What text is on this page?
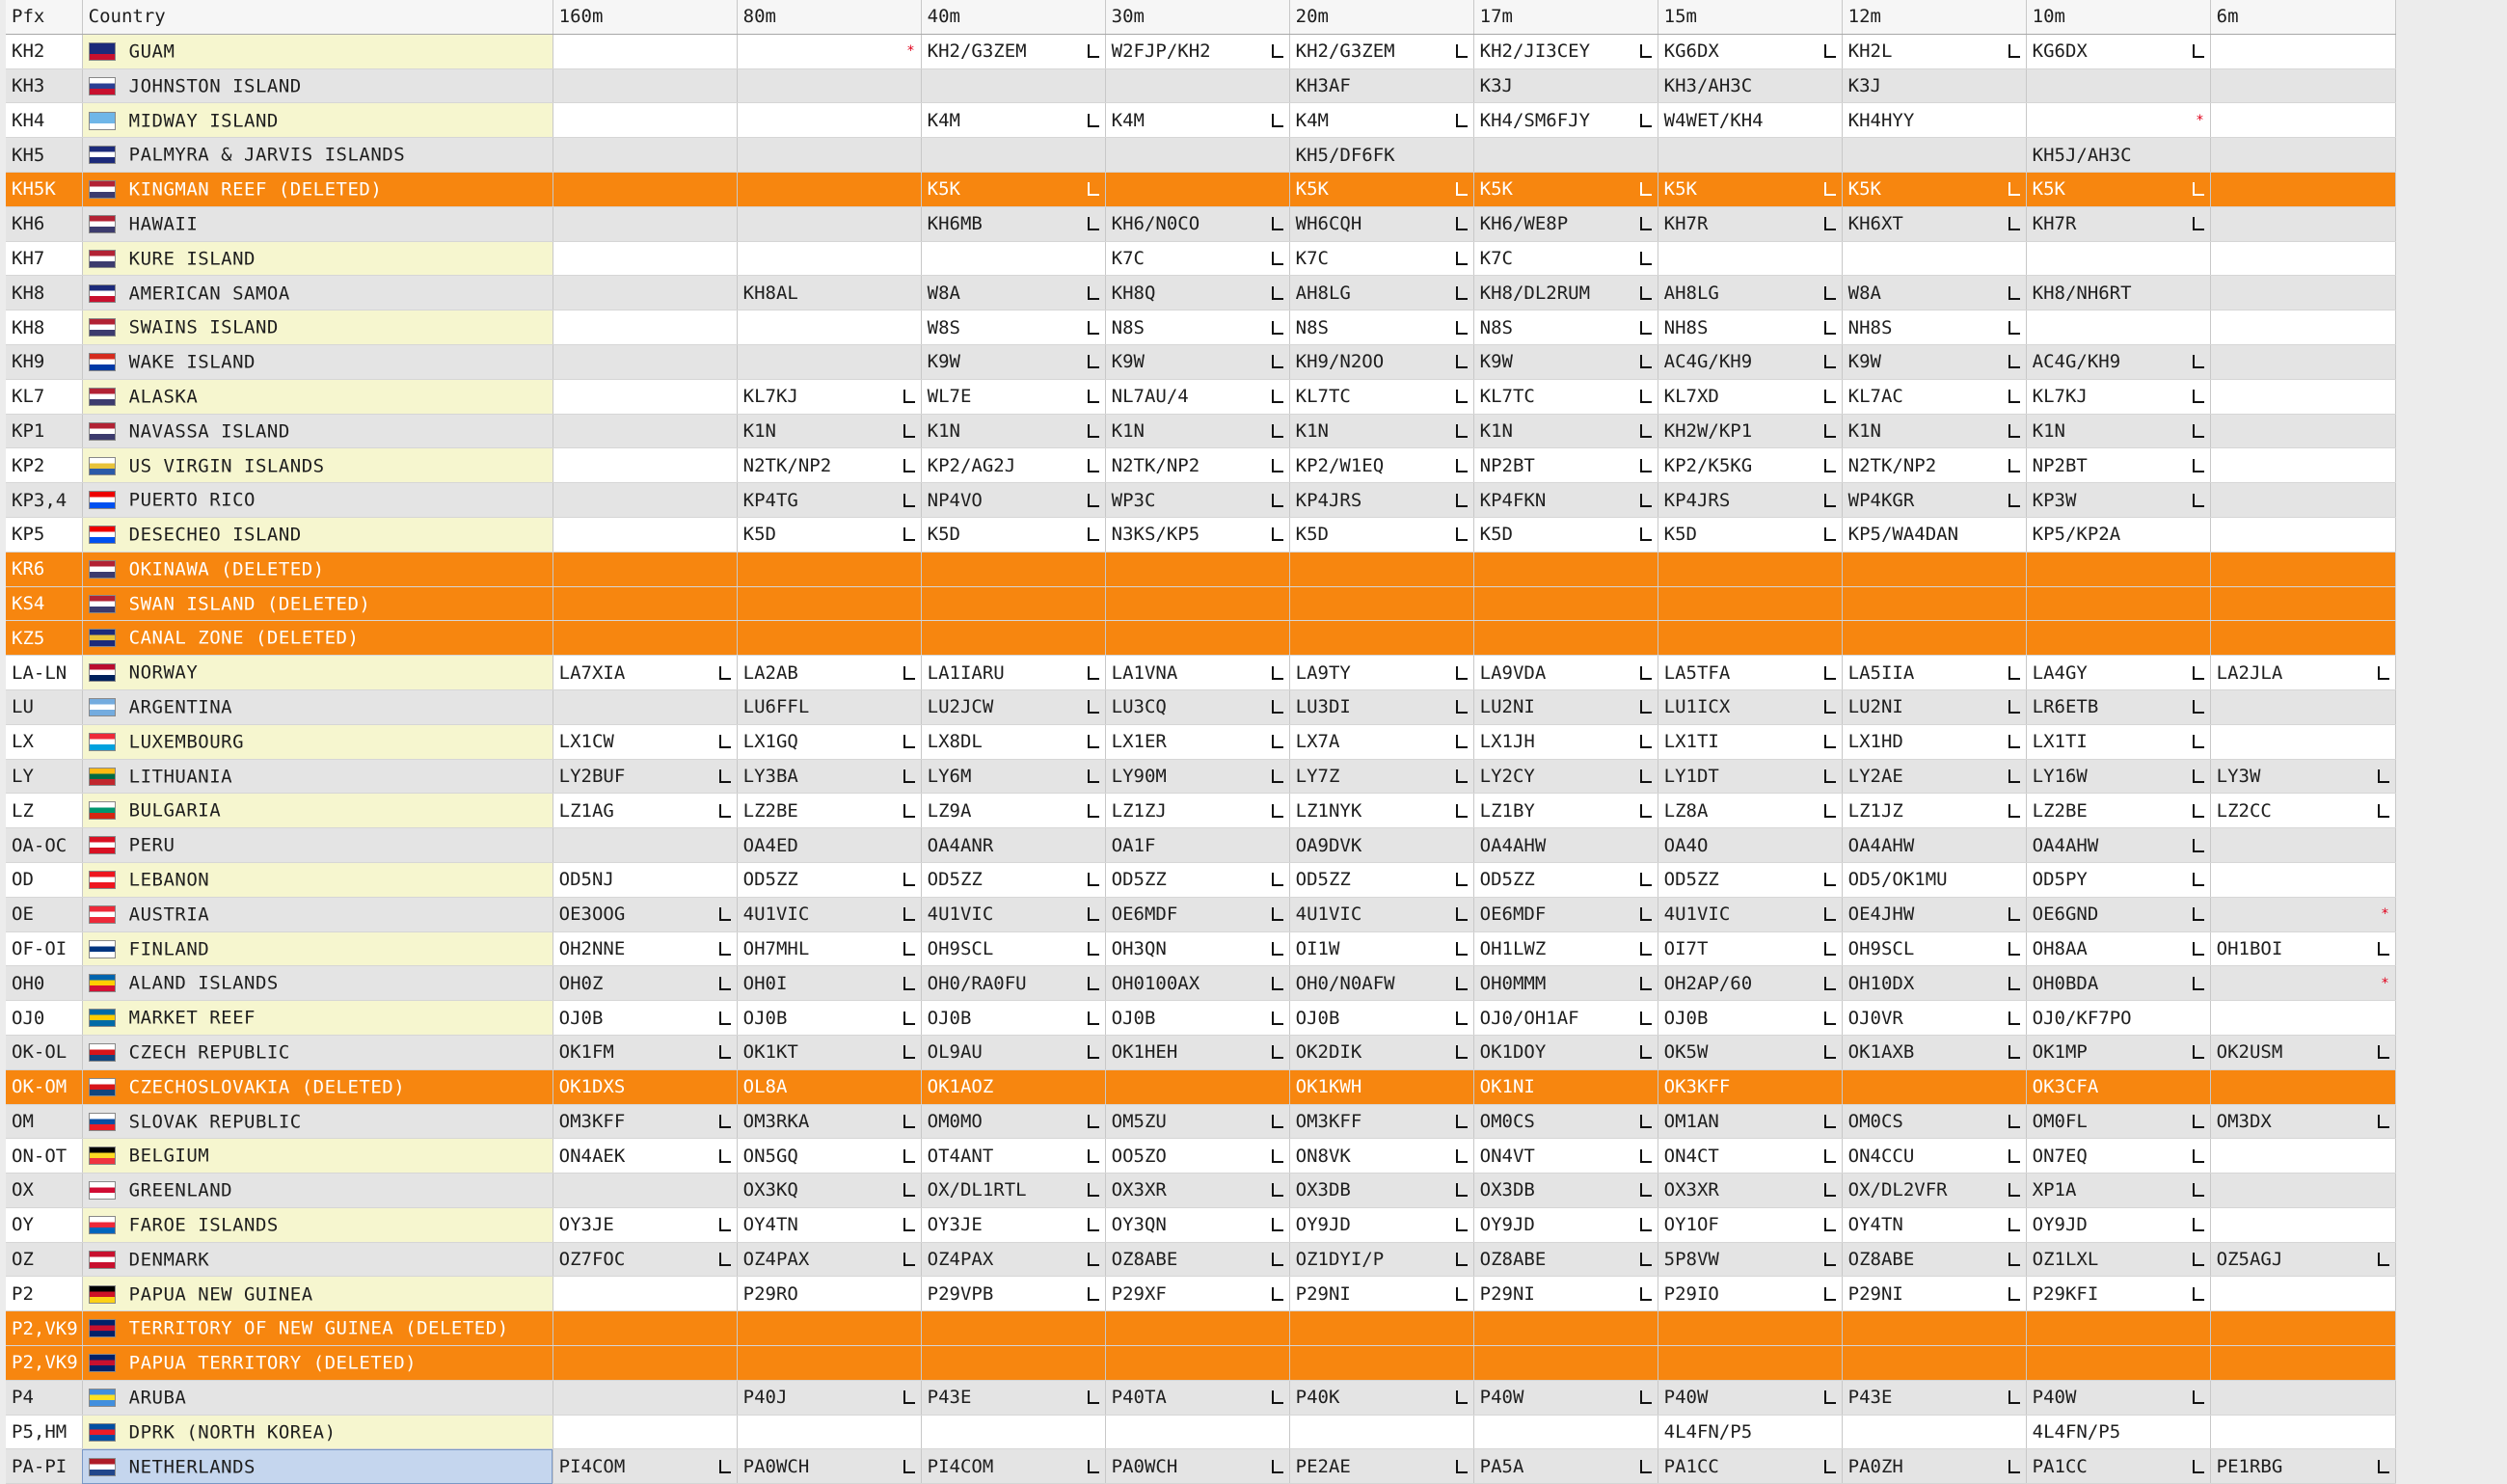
Pfx	Country	160m	80m	40m	30m	20m	17m	15m	12m	10m	6m
KH2	GUAM		*	KH2/G3ZEM	W2FJP/KH2	KH2/G3ZEM	KH2/JI3CEY	KG6DX	KH2L	KG6DX	

KH3	JOHNSTON ISLAND					KH3AF	K3J	KH3/AH3C	K3J		

KH4	MIDWAY ISLAND			K4M	K4M	K4M	KH4/SM6FJY	W4WET/KH4	KH4HYY	*	

KH5	PALMYRA & JARVIS ISLANDS					KH5/DF6FK				KH5J/AH3C	

KH5K	KINGMAN REEF (DELETED)			K5K		K5K	K5K	K5K	K5K	K5K	

KH6	HAWAII			KH6MB	KH6/N0CO	WH6CQH	KH6/WE8P	KH7R	KH6XT	KH7R	

KH7	KURE ISLAND				K7C	K7C	K7C				

KH8	AMERICAN SAMOA		KH8AL	W8A	KH8Q	AH8LG	KH8/DL2RUM	AH8LG	W8A	KH8/NH6RT	

KH8	SWAINS ISLAND			W8S	N8S	N8S	N8S	NH8S	NH8S		

KH9	WAKE ISLAND			K9W	K9W	KH9/N2OO	K9W	AC4G/KH9	K9W	AC4G/KH9	

KL7	ALASKA		KL7KJ	WL7E	NL7AU/4	KL7TC	KL7TC	KL7XD	KL7AC	KL7KJ	

KP1	NAVASSA ISLAND		K1N	K1N	K1N	K1N	K1N	KH2W/KP1	K1N	K1N	

KP2	US VIRGIN ISLANDS		N2TK/NP2	KP2/AG2J	N2TK/NP2	KP2/W1EQ	NP2BT	KP2/K5KG	N2TK/NP2	NP2BT	

KP3,4	PUERTO RICO		KP4TG	NP4VO	WP3C	KP4JRS	KP4FKN	KP4JRS	WP4KGR	KP3W	

KP5	DESECHEO ISLAND		K5D	K5D	N3KS/KP5	K5D	K5D	K5D	KP5/WA4DAN	KP5/KP2A	

KR6	OKINAWA (DELETED)	

KS4	SWAN ISLAND (DELETED)	

KZ5	CANAL ZONE (DELETED)	

LA-LN	NORWAY	LA7XIA	LA2AB	LA1IARU	LA1VNA	LA9TY	LA9VDA	LA5TFA	LA5IIA	LA4GY	LA2JLA

LU	ARGENTINA		LU6FFL	LU2JCW	LU3CQ	LU3DI	LU2NI	LU1ICX	LU2NI	LR6ETB	

LX	LUXEMBOURG	LX1CW	LX1GQ	LX8DL	LX1ER	LX7A	LX1JH	LX1TI	LX1HD	LX1TI	

LY	LITHUANIA	LY2BUF	LY3BA	LY6M	LY90M	LY7Z	LY2CY	LY1DT	LY2AE	LY16W	LY3W

LZ	BULGARIA	LZ1AG	LZ2BE	LZ9A	LZ1ZJ	LZ1NYK	LZ1BY	LZ8A	LZ1JZ	LZ2BE	LZ2CC

OA-OC	PERU		OA4ED	OA4ANR	OA1F	OA9DVK	OA4AHW	OA4O	OA4AHW	OA4AHW	

OD	LEBANON	OD5NJ	OD5ZZ	OD5ZZ	OD5ZZ	OD5ZZ	OD5ZZ	OD5ZZ	OD5/OK1MU	OD5PY	

OE	AUSTRIA	OE3OOG	4U1VIC	4U1VIC	OE6MDF	4U1VIC	OE6MDF	4U1VIC	OE4JHW	OE6GND	*

OF-OI	FINLAND	OH2NNE	OH7MHL	OH9SCL	OH3QN	OI1W	OH1LWZ	OI7T	OH9SCL	OH8AA	OH1BOI

OH0	ALAND ISLANDS	OH0Z	OH0I	OH0/RA0FU	OH0100AX	OH0/N0AFW	OH0MMM	OH2AP/60	OH10DX	OH0BDA	*

OJ0	MARKET REEF	OJ0B	OJ0B	OJ0B	OJ0B	OJ0B	OJ0/OH1AF	OJ0B	OJ0VR	OJ0/KF7PO	

OK-OL	CZECH REPUBLIC	OK1FM	OK1KT	OL9AU	OK1HEH	OK2DIK	OK1DOY	OK5W	OK1AXB	OK1MP	OK2USM

OK-OM	CZECHOSLOVAKIA (DELETED)	OK1DXS	OL8A	OK1AOZ		OK1KWH	OK1NI	OK3KFF		OK3CFA	

OM	SLOVAK REPUBLIC	OM3KFF	OM3RKA	OM0MO	OM5ZU	OM3KFF	OM0CS	OM1AN	OM0CS	OM0FL	OM3DX

ON-OT	BELGIUM	ON4AEK	ON5GQ	OT4ANT	OO5ZO	ON8VK	ON4VT	ON4CT	ON4CCU	ON7EQ	

OX	GREENLAND		OX3KQ	OX/DL1RTL	OX3XR	OX3DB	OX3DB	OX3XR	OX/DL2VFR	XP1A	

OY	FAROE ISLANDS	OY3JE	OY4TN	OY3JE	OY3QN	OY9JD	OY9JD	OY1OF	OY4TN	OY9JD	

OZ	DENMARK	OZ7FOC	OZ4PAX	OZ4PAX	OZ8ABE	OZ1DYI/P	OZ8ABE	5P8VW	OZ8ABE	OZ1LXL	OZ5AGJ

P2	PAPUA NEW GUINEA		P29RO	P29VPB	P29XF	P29NI	P29NI	P29IO	P29NI	P29KFI	

P2,VK9	TERRITORY OF NEW GUINEA (DELETED)	

P2,VK9	PAPUA TERRITORY (DELETED)	

P4	ARUBA		P40J	P43E	P40TA	P40K	P40W	P40W	P43E	P40W	

P5,HM	DPRK (NORTH KOREA)							4L4FN/P5		4L4FN/P5	

PA-PI	NETHERLANDS	PI4COM	PA0WCH	PI4COM	PA0WCH	PE2AE	PA5A	PA1CC	PA0ZH	PA1CC	PE1RBG
